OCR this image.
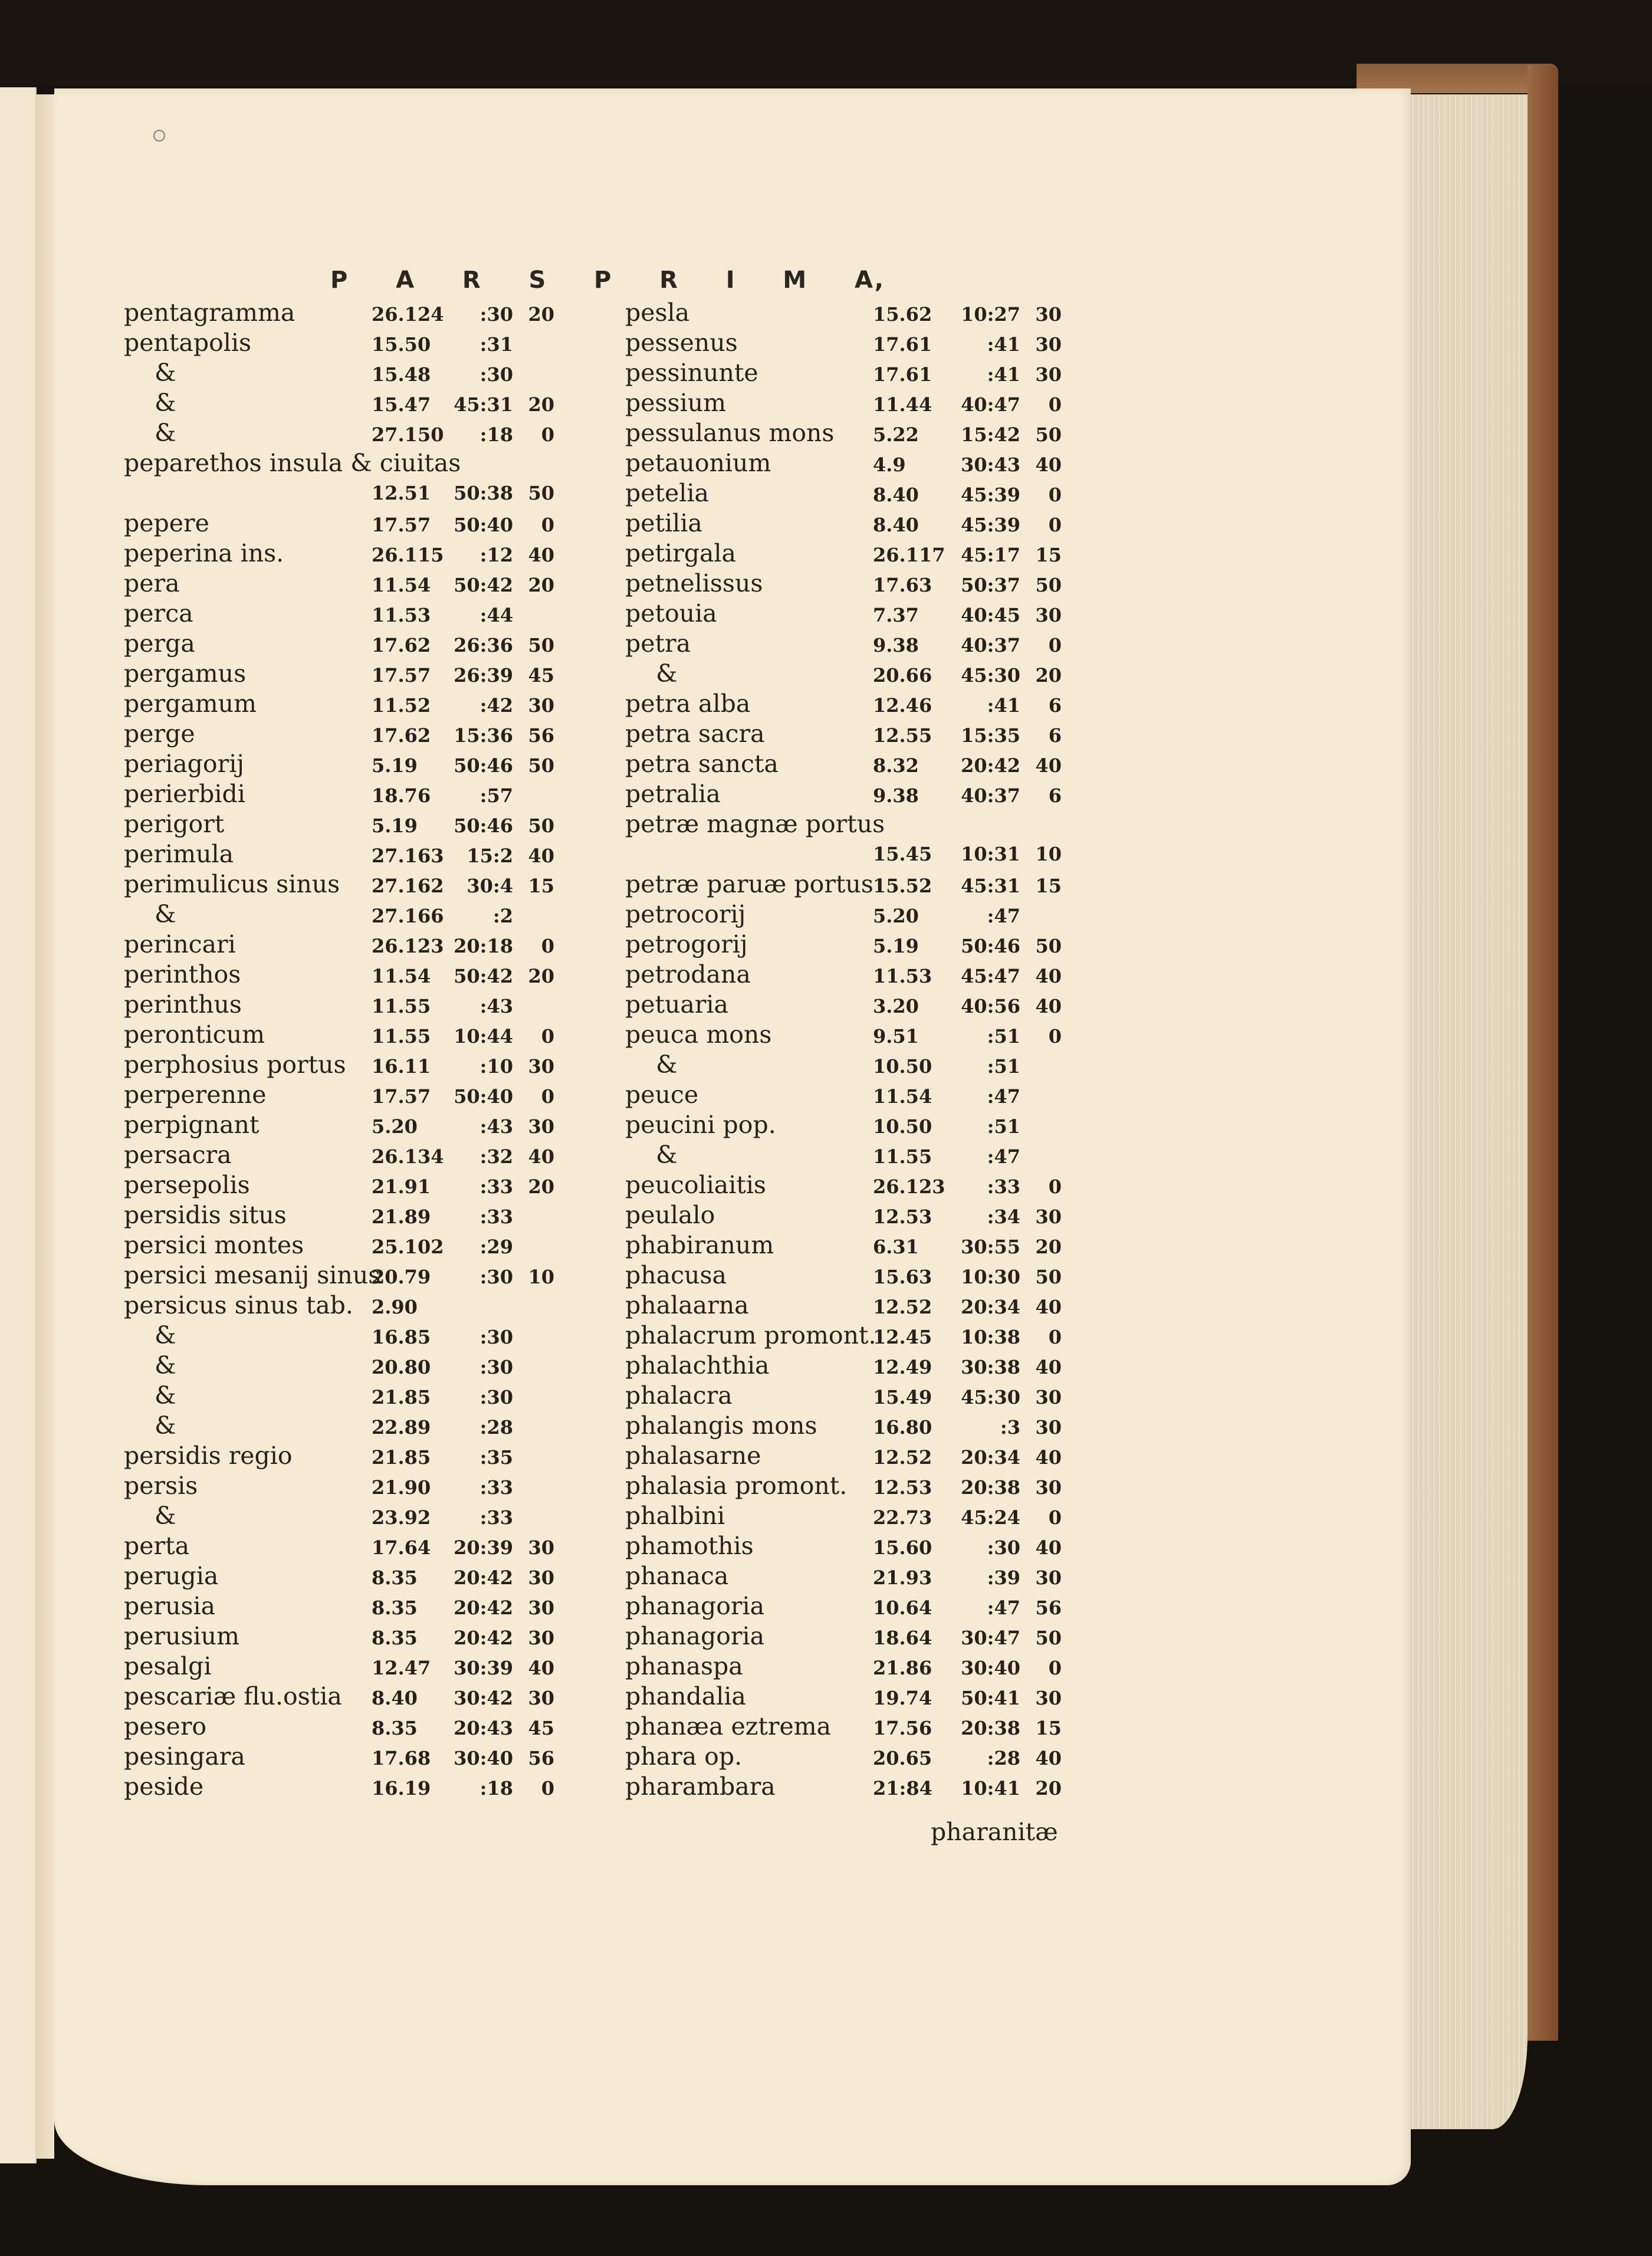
P A R S P R I M A,
pentagramma	26.124	:30 20
pentapolis	15.50	:31
&	15.48	:30
&	15.47	45:31 20
&	27.150	:18	0
peparethos insula & ciuitas
12.51	50:38 50
pepere	17.57	50:40	0
peperina ins.	26.115	:12 40
pera	11.54	50:42 20
perca	11.53	:44
perga	17.62	26:36 50
pergamus	17.57	26:39 45
pergamum	11.52	:42 30
perge	17.62	15:36 56
periagorij	5.19	50:46 50
perierbidi	18.76	:57
perigort	5.19	50:46 50
perimula	27.163	15:2 40
perimulicus sinus 27.162	30:4 15
&	27.166	:2
perincari	26.123 20:18	0
perinthos	11.54	50:42 20
perinthus	11.55	:43
peronticum	11.55	10:44	0
perphosius portus 16.11	:10 30
perperenne	17.57	50:40	0
perpignant	5.20	:43 30
persacra	26.134	:32 40
persepolis	21.91	:33 20
persidis situs	21.89	:33
persici montes	25.102	:29
persici mesanij sinus
20.79	:30 10
persicus sinus tab. 2.90
&	16.85	:30
&	20.80	:30
&	21.85	:30
&	22.89	:28
persidis regio	21.85	:35
persis	21.90	:33
&	23.92	:33
perta	17.64	20:39 30
perugia	8.35	20:42 30
perusia	8.35	20:42 30
perusium	8.35	20:42 30
pesalgi	12.47	30:39 40
pescariæ flu.ostia 8.40	30:42 30
pesero	8.35	20:43 45
pesingara	17.68	30:40 56
peside	16.19	:18	0
pesla	15.62	10:27 30
pessenus	17.61	:41 30
pessinunte	17.61	:41 30
pessium	11.44	40:47	0
pessulanus mons 5.22	15:42 50
petauonium	4.9	30:43 40
petelia	8.40	45:39	0
petilia	8.40	45:39	0
petirgala	26.117 45:17 15
petnelissus	17.63	50:37 50
petouia	7.37	40:45 30
petra	9.38	40:37	0
&	20.66	45:30 20
petra alba	12.46	:41	6
petra sacra	12.55	15:35	6
petra sancta	8.32	20:42 40
petralia	9.38	40:37	6
petræ magnæ portus
15.45	10:31 10
petræ paruæ portus 15.52	45:31 15
petrocorij	5.20	:47
petrogorij	5.19	50:46 50
petrodana	11.53	45:47 40
petuaria	3.20	40:56 40
peuca mons	9.51	:51	0
&	10.50	:51
peuce	11.54	:47
peucini pop.	10.50	:51
&	11.55	:47
peucoliaitis	26.123	:33	0
peulalo	12.53	:34 30
phabiranum	6.31	30:55 20
phacusa	15.63	10:30 50
phalaarna	12.52	20:34 40
phalacrum promont.
12.45	10:38	0
phalachthia	12.49	30:38 40
phalacra	15.49	45:30 30
phalangis mons	16.80	:3 30
phalasarne	12.52	20:34 40
phalasia promont. 12.53	20:38 30
phalbini	22.73	45:24	0
phamothis	15.60	:30 40
phanaca	21.93	:39 30
phanagoria	10.64	:47 56
phanagoria	18.64	30:47 50
phanaspa	21.86	30:40	0
phandalia	19.74	50:41 30
phanæa eztrema 17.56	20:38 15
phara op.	20.65	:28 40
pharambara	21:84	10:41 20
pharanitæ
